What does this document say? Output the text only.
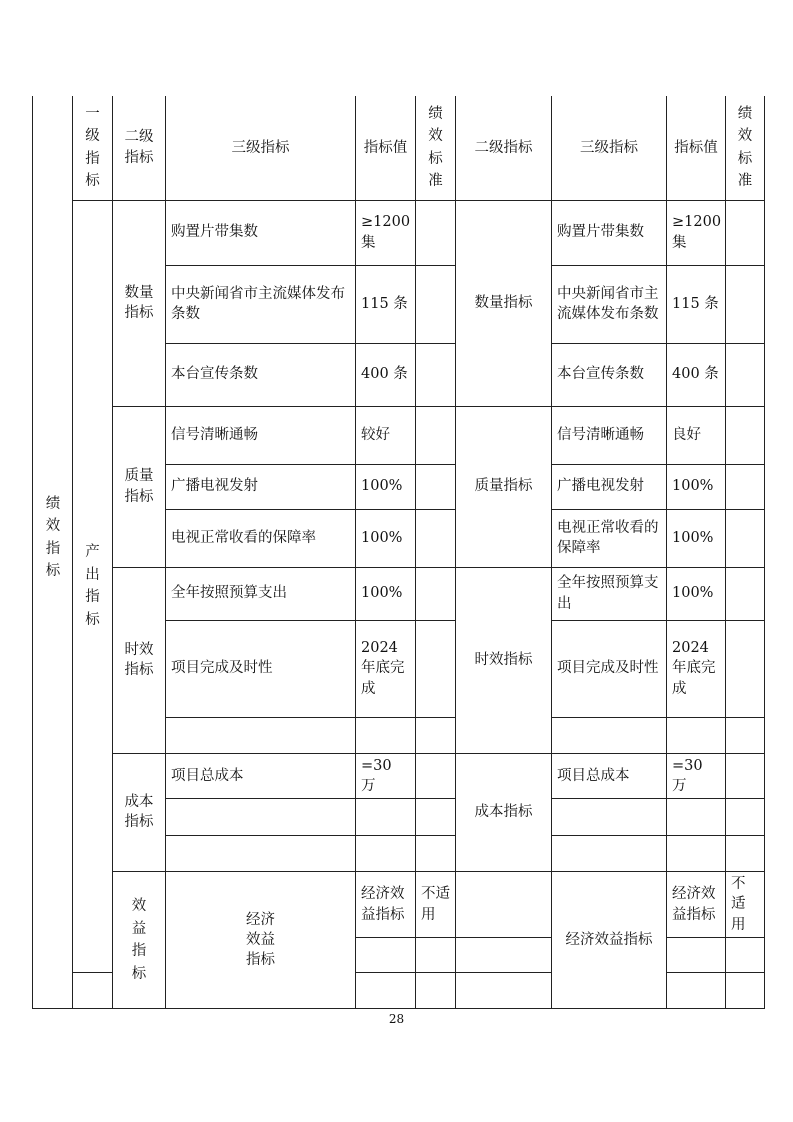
	一级指标	二级指标	三级指标	指标值	绩效标准	二级指标	三级指标	指标值	绩效标准	
	产出指标	数量指标	购置片带集数	≥1200集		数量指标	购置片带集数	≥1200集		
			中央新闻省市主流媒体发布条数	115 条			中央新闻省市主流媒体发布条数	115 条		
			本台宣传条数	400 条			本台宣传条数	400 条		
		质量指标	信号清晰通畅	较好		质量指标	信号清晰通畅	良好		
			广播电视发射	100%			广播电视发射	100%		
			电视正常收看的保障率	100%			电视正常收看的保障率	100%		
		时效指标	全年按照预算支出	100%		时效指标	全年按照预算支出	100%		
			项目完成及时性	2024年底完成			项目完成及时性	2024年底完成		

		成本指标	项目总成本	=30 万		成本指标	项目总成本	=30 万		

		效益指标	经济效益指标	经济效益指标	不适用		经济效益指标	经济效益指标	不适用	

绩效指标
28
